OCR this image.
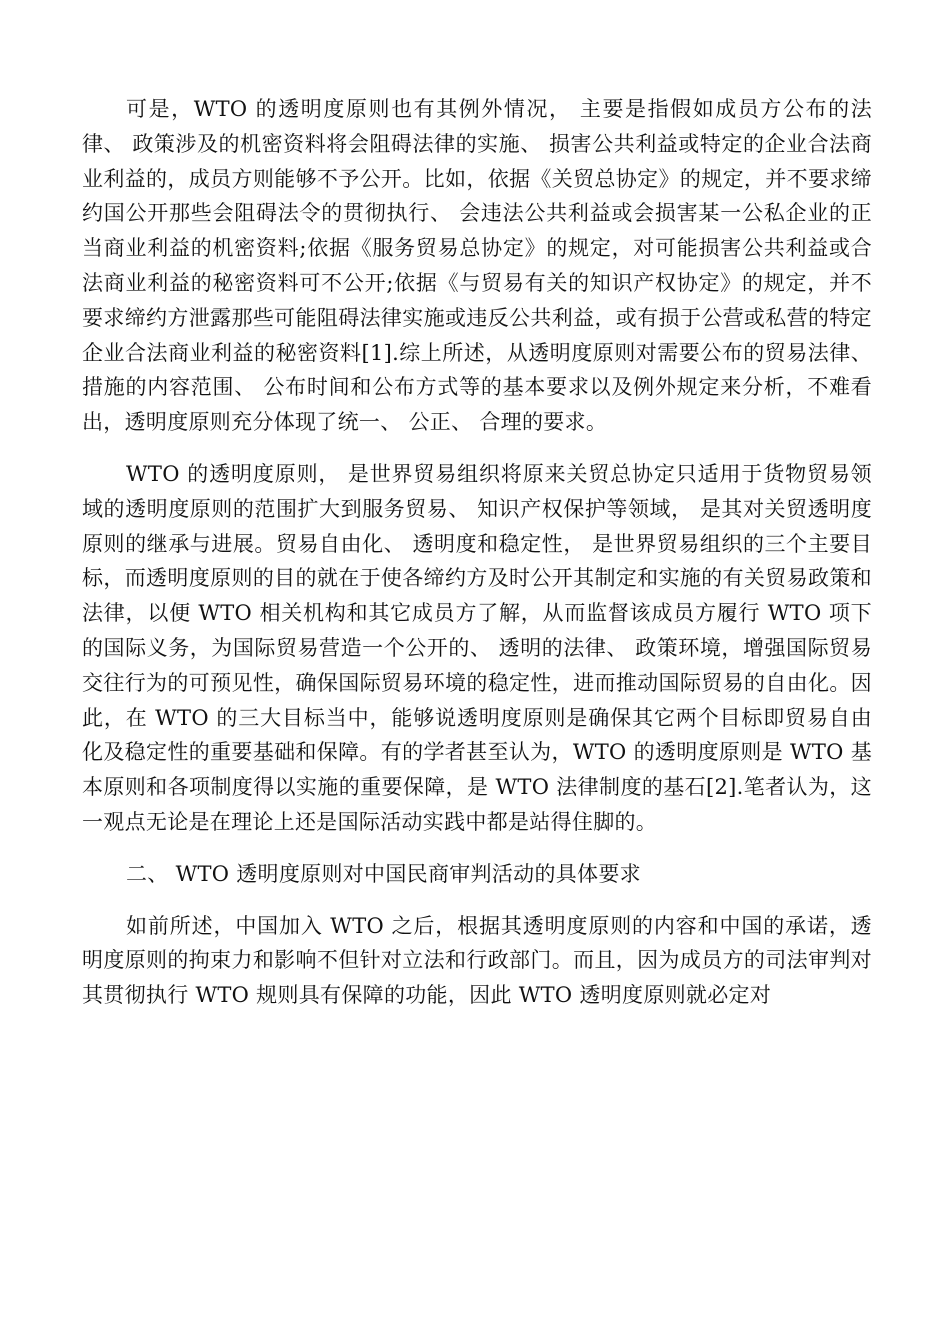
可是，WTO 的透明度原则也有其例外情况， 主要是指假如成员方公布的法律、 政策涉及的机密资料将会阻碍法律的实施、 损害公共利益或特定的企业合法商业利益的，成员方则能够不予公开。比如，依据《关贸总协定》的规定，并不要求缔约国公开那些会阻碍法令的贯彻执行、 会违法公共利益或会损害某一公私企业的正当商业利益的机密资料;依据《服务贸易总协定》的规定，对可能损害公共利益或合法商业利益的秘密资料可不公开;依据《与贸易有关的知识产权协定》的规定，并不要求缔约方泄露那些可能阻碍法律实施或违反公共利益，或有损于公营或私营的特定企业合法商业利益的秘密资料[1].综上所述，从透明度原则对需要公布的贸易法律、 措施的内容范围、 公布时间和公布方式等的基本要求以及例外规定来分析，不难看出，透明度原则充分体现了统一、 公正、 合理的要求。

WTO 的透明度原则， 是世界贸易组织将原来关贸总协定只适用于货物贸易领域的透明度原则的范围扩大到服务贸易、 知识产权保护等领域， 是其对关贸透明度原则的继承与进展。贸易自由化、 透明度和稳定性， 是世界贸易组织的三个主要目标，而透明度原则的目的就在于使各缔约方及时公开其制定和实施的有关贸易政策和法律，以便 WTO 相关机构和其它成员方了解，从而监督该成员方履行 WTO 项下的国际义务，为国际贸易营造一个公开的、 透明的法律、 政策环境，增强国际贸易交往行为的可预见性，确保国际贸易环境的稳定性，进而推动国际贸易的自由化。因此，在 WTO 的三大目标当中，能够说透明度原则是确保其它两个目标即贸易自由化及稳定性的重要基础和保障。有的学者甚至认为，WTO 的透明度原则是 WTO 基本原则和各项制度得以实施的重要保障，是 WTO 法律制度的基石[2].笔者认为，这一观点无论是在理论上还是国际活动实践中都是站得住脚的。

二、 WTO 透明度原则对中国民商审判活动的具体要求

如前所述，中国加入 WTO 之后，根据其透明度原则的内容和中国的承诺，透明度原则的拘束力和影响不但针对立法和行政部门。而且，因为成员方的司法审判对其贯彻执行 WTO 规则具有保障的功能，因此 WTO 透明度原则就必定对
